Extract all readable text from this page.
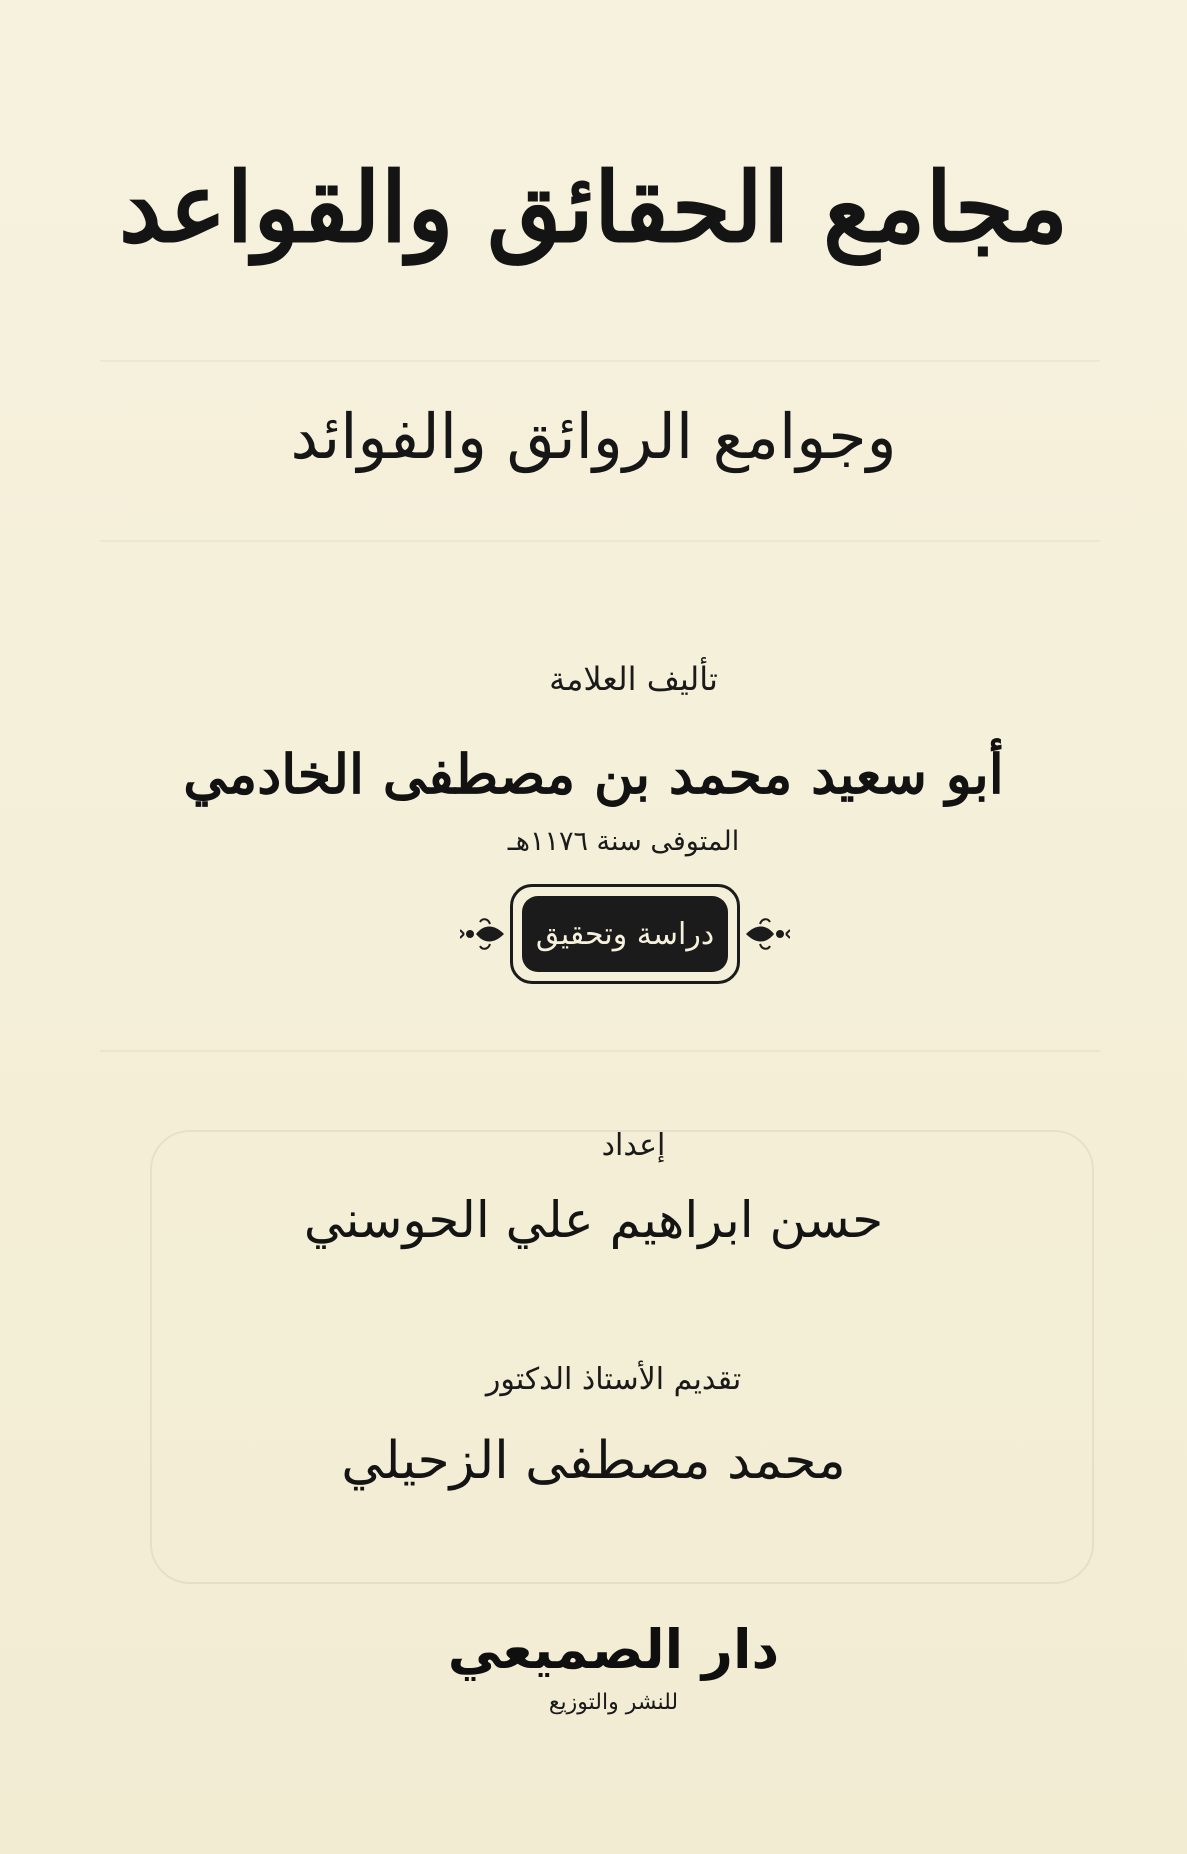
مجامع الحقائق والقواعد
وجوامع الروائق والفوائد
تأليف العلامة
أبو سعيد محمد بن مصطفى الخادمي
المتوفى سنة ١١٧٦هـ
دراسة وتحقيق
إعداد
حسن ابراهيم علي الحوسني
تقديم الأستاذ الدكتور
محمد مصطفى الزحيلي
دار الصميعي
للنشر والتوزيع
